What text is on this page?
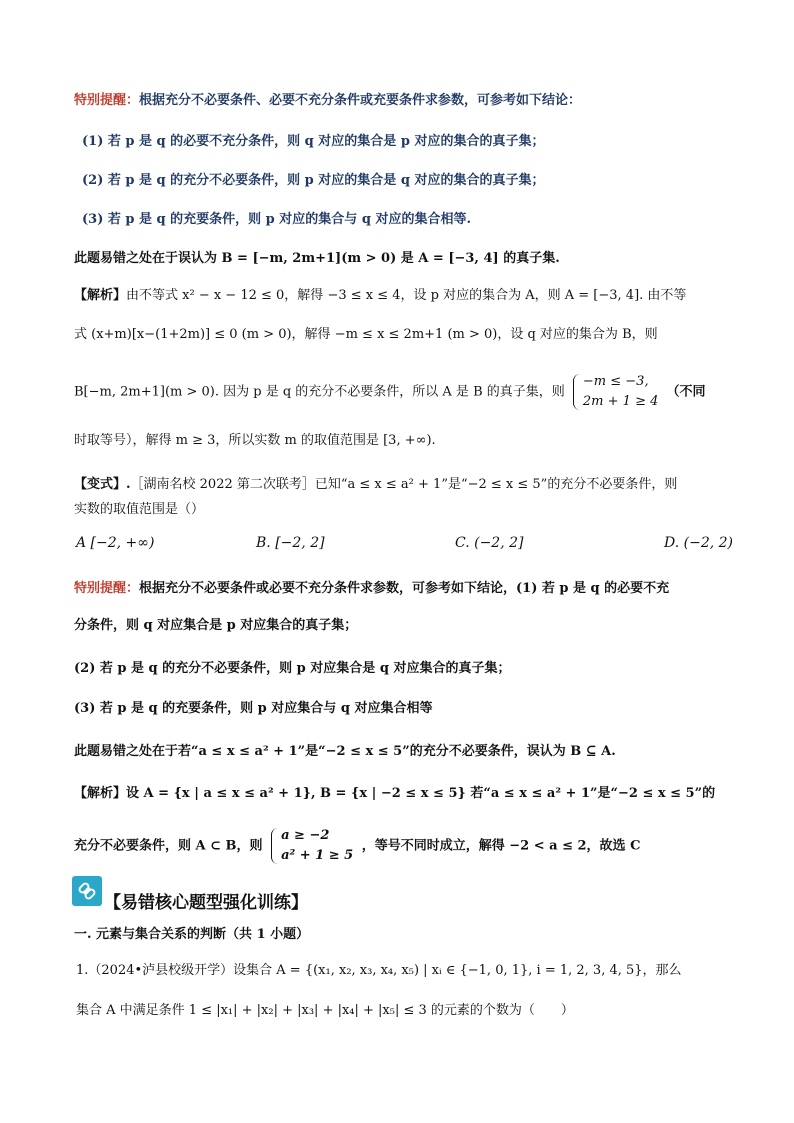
特别提醒：根据充分不必要条件、必要不充分条件或充要条件求参数，可参考如下结论：
(1) 若 p 是 q 的必要不充分条件，则 q 对应的集合是 p 对应的集合的真子集；
(2) 若 p 是 q 的充分不必要条件，则 p 对应的集合是 q 对应的集合的真子集；
(3) 若 p 是 q 的充要条件，则 p 对应的集合与 q 对应的集合相等.
此题易错之处在于误认为 B = [−m, 2m+1](m > 0) 是 A = [−3, 4] 的真子集.
【解析】由不等式 x² − x − 12 ≤ 0，解得 −3 ≤ x ≤ 4，设 p 对应的集合为 A，则 A = [−3, 4]. 由不等
式 (x+m)[x−(1+2m)] ≤ 0 (m > 0)，解得 −m ≤ x ≤ 2m+1 (m > 0)，设 q 对应的集合为 B，则
B[−m, 2m+1](m > 0). 因为 p 是 q 的充分不必要条件，所以 A 是 B 的真子集，则
−m ≤ −3,
2m + 1 ≥ 4
（不同
时取等号），解得 m ≥ 3，所以实数 m 的取值范围是 [3, +∞).
【变式】.［湖南名校 2022 第二次联考］已知“a ≤ x ≤ a² + 1”是“−2 ≤ x ≤ 5”的充分不必要条件，则
实数的取值范围是（）
A [−2, +∞)	B. [−2, 2]	C. (−2, 2]	D. (−2, 2)
特别提醒：根据充分不必要条件或必要不充分条件求参数，可参考如下结论，(1) 若 p 是 q 的必要不充
分条件，则 q 对应集合是 p 对应集合的真子集；
(2) 若 p 是 q 的充分不必要条件，则 p 对应集合是 q 对应集合的真子集；
(3) 若 p 是 q 的充要条件，则 p 对应集合与 q 对应集合相等
此题易错之处在于若“a ≤ x ≤ a² + 1”是“−2 ≤ x ≤ 5”的充分不必要条件，误认为 B ⊆ A.
【解析】设 A = {x | a ≤ x ≤ a² + 1}, B = {x | −2 ≤ x ≤ 5} 若“a ≤ x ≤ a² + 1”是“−2 ≤ x ≤ 5”的
充分不必要条件，则 A ⊂ B，则
a ≥ −2
a² + 1 ≥ 5
，等号不同时成立，解得 −2 < a ≤ 2，故选 C
【易错核心题型强化训练】
一. 元素与集合关系的判断（共 1 小题）
1.（2024•泸县校级开学）设集合 A = {(x₁, x₂, x₃, x₄, x₅) | xᵢ ∈ {−1, 0, 1}, i = 1, 2, 3, 4, 5}，那么
集合 A 中满足条件 1 ≤ |x₁| + |x₂| + |x₃| + |x₄| + |x₅| ≤ 3 的元素的个数为（　　）
